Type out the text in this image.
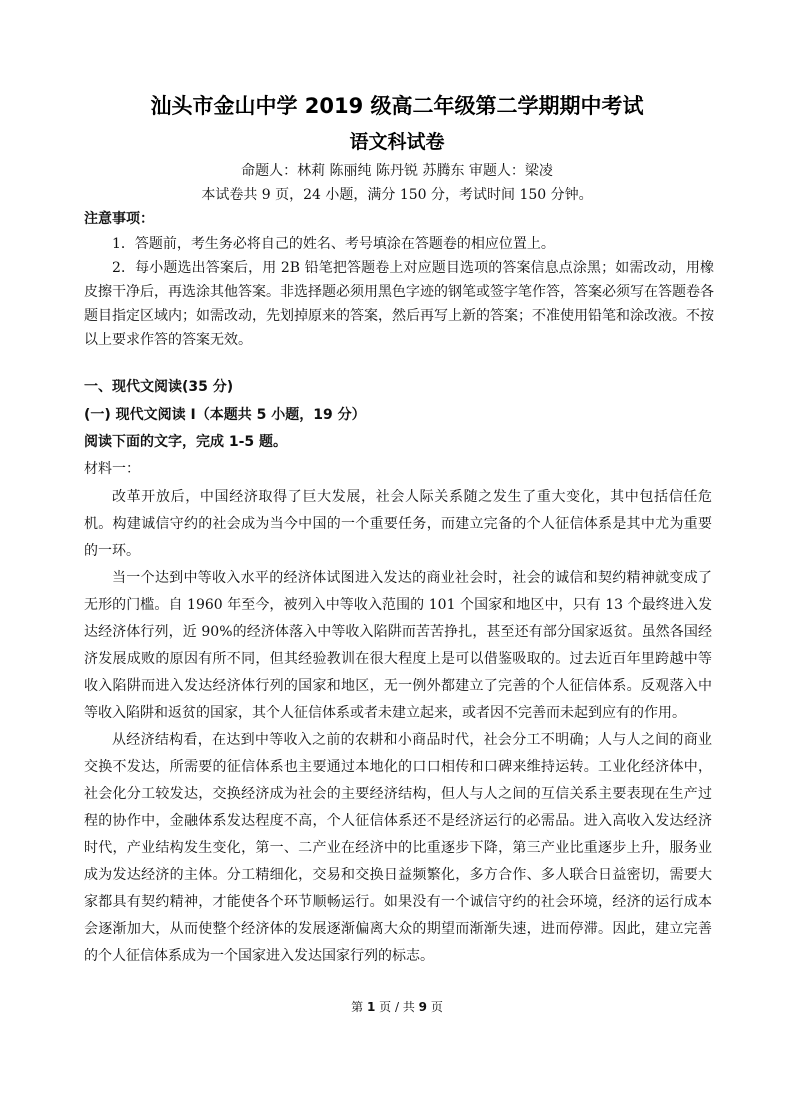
汕头市金山中学 2019 级高二年级第二学期期中考试
语文科试卷
命题人：林莉 陈丽纯 陈丹锐 苏腾东 审题人：梁凌
本试卷共 9 页，24 小题，满分 150 分，考试时间 150 分钟。
注意事项：

1．答题前，考生务必将自己的姓名、考号填涂在答题卷的相应位置上。

2．每小题选出答案后，用 2B 铅笔把答题卷上对应题目选项的答案信息点涂黑；如需改动，用橡皮擦干净后，再选涂其他答案。非选择题必须用黑色字迹的钢笔或签字笔作答，答案必须写在答题卷各题目指定区域内；如需改动，先划掉原来的答案，然后再写上新的答案；不准使用铅笔和涂改液。不按以上要求作答的答案无效。

一、现代文阅读(35 分)
(一) 现代文阅读 I（本题共 5 小题，19 分）
阅读下面的文字，完成 1-5 题。
材料一：

改革开放后，中国经济取得了巨大发展，社会人际关系随之发生了重大变化，其中包括信任危机。构建诚信守约的社会成为当今中国的一个重要任务，而建立完备的个人征信体系是其中尤为重要的一环。

当一个达到中等收入水平的经济体试图进入发达的商业社会时，社会的诚信和契约精神就变成了无形的门槛。自 1960 年至今，被列入中等收入范围的 101 个国家和地区中，只有 13 个最终进入发达经济体行列，近 90%的经济体落入中等收入陷阱而苦苦挣扎，甚至还有部分国家返贫。虽然各国经济发展成败的原因有所不同，但其经验教训在很大程度上是可以借鉴吸取的。过去近百年里跨越中等收入陷阱而进入发达经济体行列的国家和地区，无一例外都建立了完善的个人征信体系。反观落入中等收入陷阱和返贫的国家，其个人征信体系或者未建立起来，或者因不完善而未起到应有的作用。

从经济结构看，在达到中等收入之前的农耕和小商品时代，社会分工不明确；人与人之间的商业交换不发达，所需要的征信体系也主要通过本地化的口口相传和口碑来维持运转。工业化经济体中，社会化分工较发达，交换经济成为社会的主要经济结构，但人与人之间的互信关系主要表现在生产过程的协作中，金融体系发达程度不高，个人征信体系还不是经济运行的必需品。进入高收入发达经济时代，产业结构发生变化，第一、二产业在经济中的比重逐步下降，第三产业比重逐步上升，服务业成为发达经济的主体。分工精细化，交易和交换日益频繁化，多方合作、多人联合日益密切，需要大家都具有契约精神，才能使各个环节顺畅运行。如果没有一个诚信守约的社会环境，经济的运行成本会逐渐加大，从而使整个经济体的发展逐渐偏离大众的期望而渐渐失速，进而停滞。因此，建立完善的个人征信体系成为一个国家进入发达国家行列的标志。

第 1 页 / 共 9 页
